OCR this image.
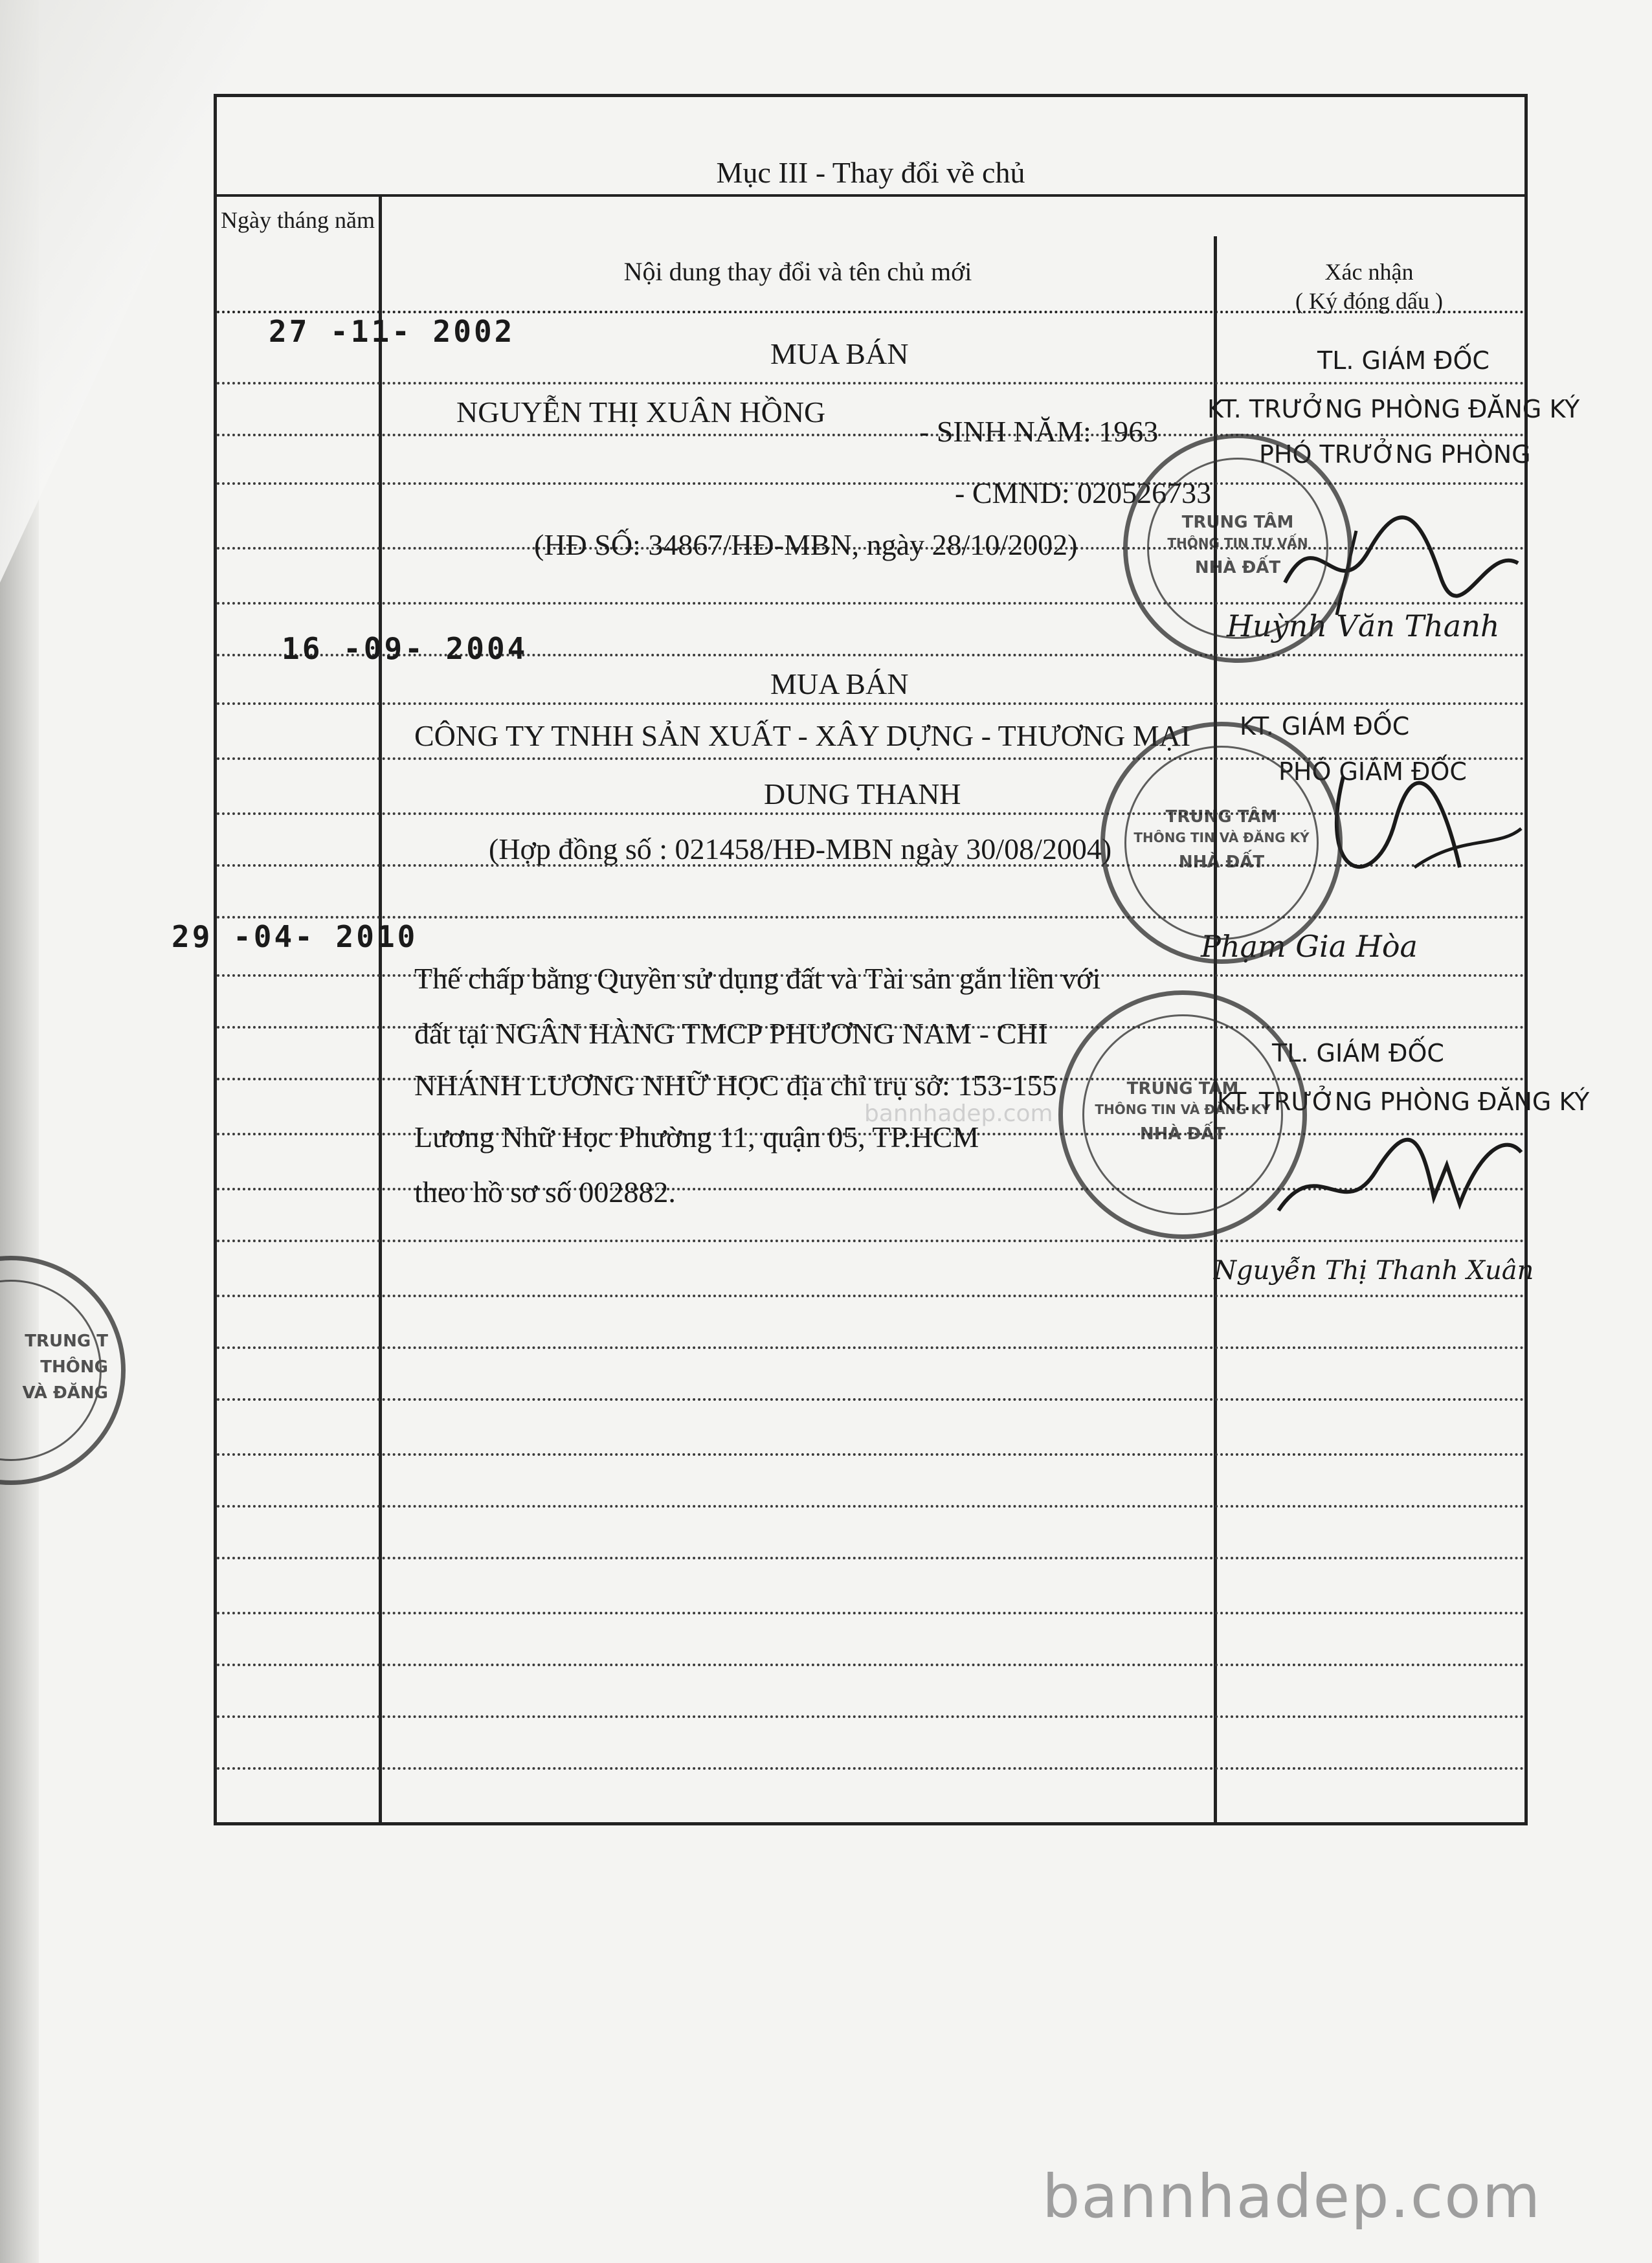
Mục III - Thay đổi về chủ
Ngày tháng năm
Nội dung thay đổi và tên chủ mới	Xác nhận
( Ký đóng dấu )
27 -11- 2002
MUA BÁN
NGUYỄN THỊ XUÂN HỒNG
- SINH NĂM: 1963
- CMND: 020526733
(HĐ SỐ: 34867/HĐ-MBN, ngày 28/10/2002)
TL. GIÁM ĐỐC
KT. TRƯỞNG PHÒNG ĐĂNG KÝ
PHÓ TRƯỞNG PHÒNG
Huỳnh Văn Thanh
16 -09- 2004
MUA BÁN
CÔNG TY TNHH SẢN XUẤT - XÂY DỰNG - THƯƠNG MẠI
DUNG THANH
(Hợp đồng số : 021458/HĐ-MBN ngày 30/08/2004)
KT. GIÁM ĐỐC
PHÓ GIÁM ĐỐC
Phạm Gia Hòa
29 -04- 2010
Thế chấp bằng Quyền sử dụng đất và Tài sản gắn liền với
đất tại NGÂN HÀNG TMCP PHƯƠNG NAM - CHI
NHÁNH LƯƠNG NHỮ HỌC địa chỉ trụ sở: 153-155
Lương Nhữ Học Phường 11, quận 05, TP.HCM
theo hồ sơ số 002882.
TL. GIÁM ĐỐC
KT. TRƯỞNG PHÒNG ĐĂNG KÝ
Nguyễn Thị Thanh Xuân
TRUNG TÂM
THÔNG TIN TƯ VẤN
NHÀ ĐẤT
TRUNG TÂM
THÔNG TIN VÀ ĐĂNG KÝ
NHÀ ĐẤT
TRUNG TÂM
THÔNG TIN VÀ ĐĂNG KÝ
NHÀ ĐẤT
bannhadep.com
TRUNG T
THÔNG
VÀ ĐĂNG
bannhadep.com
